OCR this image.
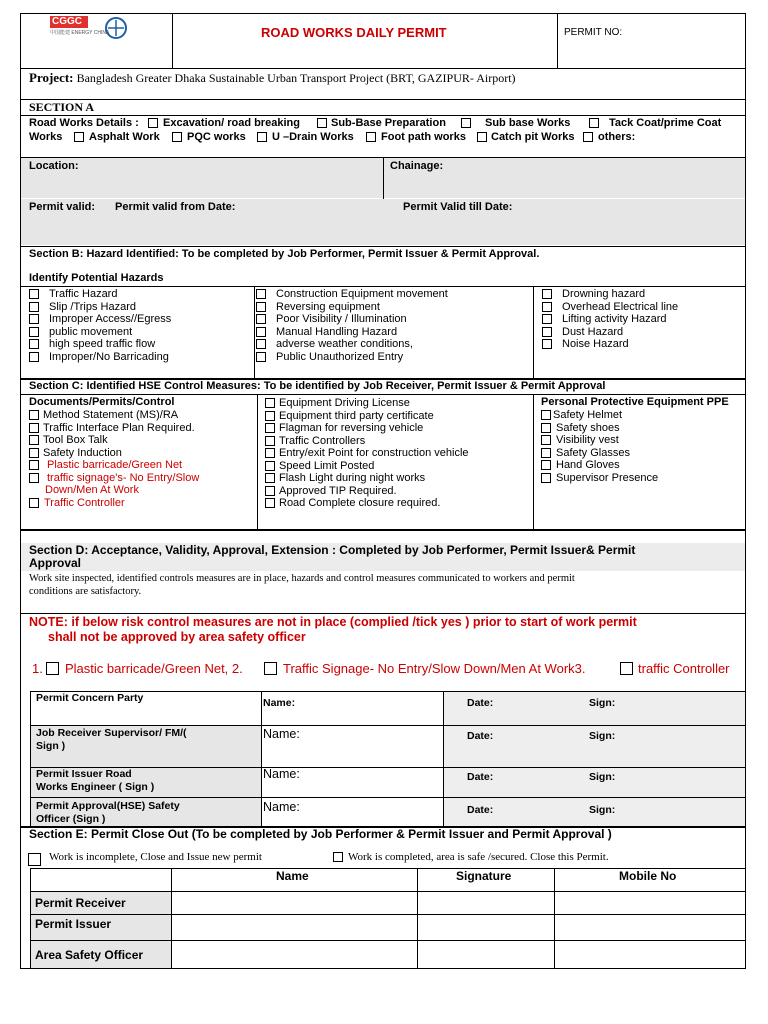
CGGC
中国能建 ENERGY CHINA	ROAD WORKS DAILY PERMIT	PERMIT NO:
Project: Bangladesh Greater Dhaka Sustainable Urban Transport Project (BRT, GAZIPUR- Airport)
SECTION A
Road Works Details : Excavation/ road breaking	Sub-Base Preparation	Sub base Works	Tack Coat/prime Coat
Works Asphalt Work PQC works U –Drain Works Foot path works Catch pit Works others:
Location:	Chainage:
Permit valid: Permit valid from Date:	Permit Valid till Date:
Section B: Hazard Identified: To be completed by Job Performer, Permit Issuer & Permit Approval.
Identify Potential Hazards
Traffic Hazard
Slip /Trips Hazard
Improper Access//Egress
public movement
high speed traffic flow
Improper/No Barricading
Construction Equipment movement
Reversing equipment
Poor Visibility / Illumination
Manual Handling Hazard
adverse weather conditions,
Public Unauthorized Entry
Drowning hazard
Overhead Electrical line
Lifting activity Hazard
Dust Hazard
Noise Hazard
Section C: Identified HSE Control Measures: To be identified by Job Receiver, Permit Issuer & Permit Approval
Documents/Permits/Control
Method Statement (MS)/RA
Traffic Interface Plan Required.
Tool Box Talk
Safety Induction
Plastic barricade/Green Net
traffic signage's- No Entry/Slow
Down/Men At Work
Traffic Controller
Equipment Driving License
Equipment third party certificate
Flagman for reversing vehicle
Traffic Controllers
Entry/exit Point for construction vehicle
Speed Limit Posted
Flash Light during night works
Approved TIP Required.
Road Complete closure required.
Personal Protective Equipment PPE
Safety Helmet
Safety shoes
Visibility vest
Safety Glasses
Hand Gloves
Supervisor Presence
Section D: Acceptance, Validity, Approval, Extension : Completed by Job Performer, Permit Issuer& Permit
Approval
Work site inspected, identified controls measures are in place, hazards and control measures communicated to workers and permit
conditions are satisfactory.
NOTE: if below risk control measures are not in place (complied /tick yes ) prior to start of work permit
shall not be approved by area safety officer
1. Plastic barricade/Green Net, 2.	Traffic Signage- No Entry/Slow Down/Men At Work3.	traffic Controller
Permit Concern Party	Name:	Date:	Sign:
Job Receiver Supervisor/ FM/(
Sign )
Name:	Date:	Sign:
Permit Issuer Road
Works Engineer ( Sign )
Name:	Date:	Sign:
Permit Approval(HSE) Safety
Officer (Sign )
Name:	Date:	Sign:
Section E: Permit Close Out (To be completed by Job Performer & Permit Issuer and Permit Approval )
Work is incomplete, Close and Issue new permit	Work is completed, area is safe /secured. Close this Permit.
Name	Signature	Mobile No
Permit Receiver
Permit Issuer
Area Safety Officer
